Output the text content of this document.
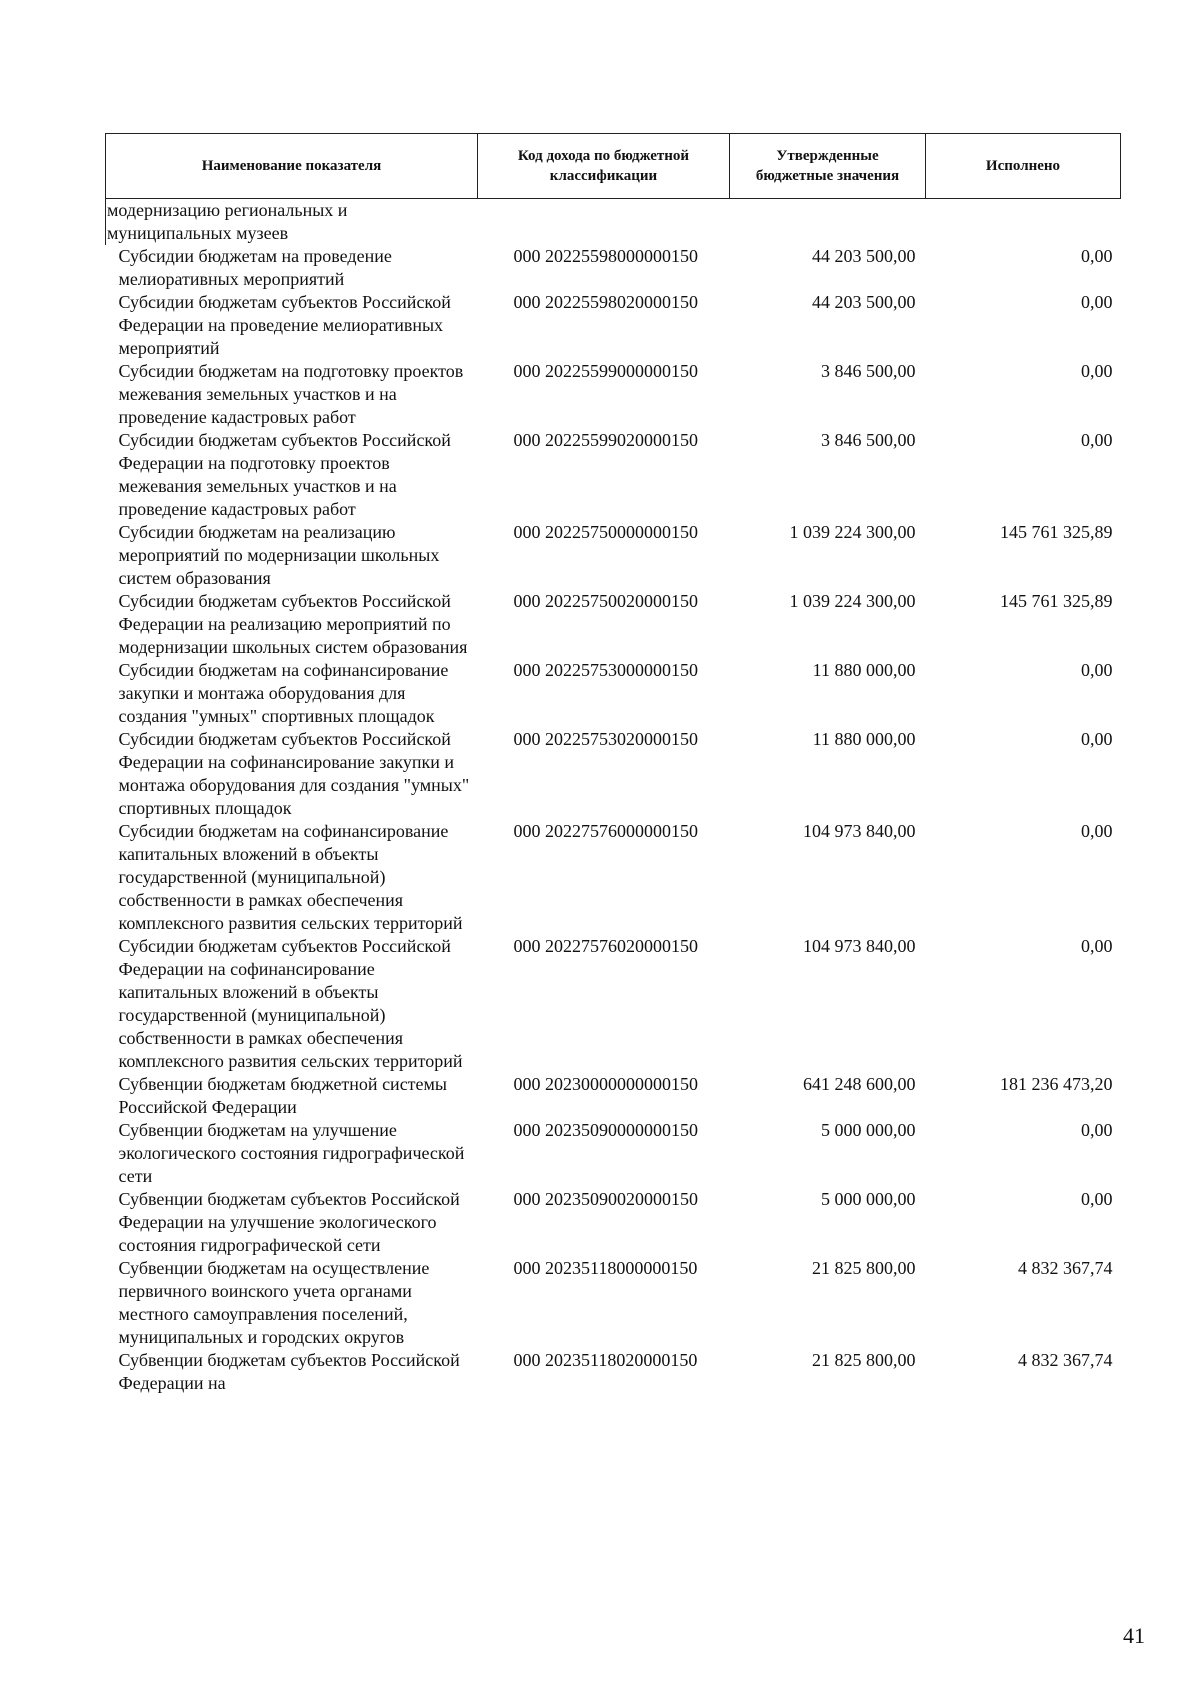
Наименование показателя	Код дохода по бюджетной классификации	Утвержденные бюджетные значения	Исполнено
модернизацию региональных и муниципальных музеев			
Субсидии бюджетам на проведение мелиоративных мероприятий	000 20225598000000150	44 203 500,00	0,00
Субсидии бюджетам субъектов Российской Федерации на проведение мелиоративных мероприятий	000 20225598020000150	44 203 500,00	0,00
Субсидии бюджетам на подготовку проектов межевания земельных участков и на проведение кадастровых работ	000 20225599000000150	3 846 500,00	0,00
Субсидии бюджетам субъектов Российской Федерации на подготовку проектов межевания земельных участков и на проведение кадастровых работ	000 20225599020000150	3 846 500,00	0,00
Субсидии бюджетам на реализацию мероприятий по модернизации школьных систем образования	000 20225750000000150	1 039 224 300,00	145 761 325,89
Субсидии бюджетам субъектов Российской Федерации на реализацию мероприятий по модернизации школьных систем образования	000 20225750020000150	1 039 224 300,00	145 761 325,89
Субсидии бюджетам на софинансирование закупки и монтажа оборудования для создания "умных" спортивных площадок	000 20225753000000150	11 880 000,00	0,00
Субсидии бюджетам субъектов Российской Федерации на софинансирование закупки и монтажа оборудования для создания "умных" спортивных площадок	000 20225753020000150	11 880 000,00	0,00
Субсидии бюджетам на софинансирование капитальных вложений в объекты государственной (муниципальной) собственности в рамках обеспечения комплексного развития сельских территорий	000 20227576000000150	104 973 840,00	0,00
Субсидии бюджетам субъектов Российской Федерации на софинансирование капитальных вложений в объекты государственной (муниципальной) собственности в рамках обеспечения комплексного развития сельских территорий	000 20227576020000150	104 973 840,00	0,00
Субвенции бюджетам бюджетной системы Российской Федерации	000 20230000000000150	641 248 600,00	181 236 473,20
Субвенции бюджетам на улучшение экологического состояния гидрографической сети	000 20235090000000150	5 000 000,00	0,00
Субвенции бюджетам субъектов Российской Федерации на улучшение экологического состояния гидрографической сети	000 20235090020000150	5 000 000,00	0,00
Субвенции бюджетам на осуществление первичного воинского учета органами местного самоуправления поселений, муниципальных и городских округов	000 20235118000000150	21 825 800,00	4 832 367,74
Субвенции бюджетам субъектов Российской Федерации на	000 20235118020000150	21 825 800,00	4 832 367,74
41
